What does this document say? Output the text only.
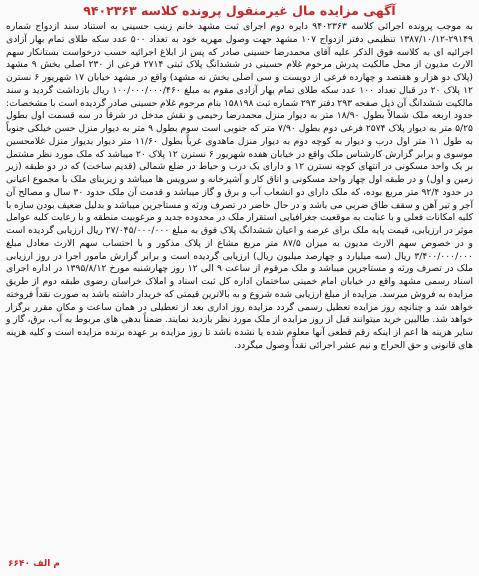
آگهی مزایده مال غیرمنقول پرونده کلاسه ۹۴۰۲۳۶۳

به موجب پرونده اجرائی کلاسه ۹۴۰۲۳۶۳ دایره دوم اجرای ثبت مشهد خانم زینب حسینی به استناد سند ازدواج شماره ۲۹۱۴۹-۱۳۸۷/۱۰/۱۲ تنظیمی دفتر ازدواج ۱۰۷ مشهد جهت وصول مهریه خود به تعداد ۵۰۰ عدد سکه طلای تمام بهار آزادی اجرائیه ای به کلاسه فوق الذکر علیه آقای محمدرضا حسینی صادر که پس از ابلاغ اجرائیه حسب درخواست بستانکار سهم الارث مدیون از محل مالکیت پدرش مرحوم غلام حسینی در ششدانگ پلاک ثبتی ۲۷۱۴ فرعی از ۲۳۰ اصلی بخش ۹ مشهد (پلاک دو هزار و هفتصد و چهارده فرعی از دویست و سی اصلی بخش نه مشهد) واقع در مشهد خیابان ۱۷ شهریور ۶ نسترن ۱۲ پلاک ۲۰ در قبال تعداد ۱۰۰ عدد سکه طلای تمام بهار آزادی مقوم به مبلغ ۱۰۰/۰۰۰/۰۰۰/۴۶۰ ریال بازداشت گردید و سند مالکیت ششدانگ آن ذیل صفحه ۲۹۳ دفتر ۲۹۳ شماره ثبت ۱۵۸۱۹۸ بنام مرحوم غلام حسینی صادر گردیده است با مشخصات: حدود اربعه ملک شمالاً بطول ۱۸/۹۰ متر به دیوار منزل محمدرضا رحیمی و نقش مدخل در شرقاً در سه قسمت اول بطول ۵/۲۵ متر به دیوار پلاک ۲۵۷۴ فرعی دوم بطول ۷/۹۰ متر که جنوبی است سوم بطول ۹ متر به دیوار منزل حسن خیلکی جنوباً به طول ۱۱ متر اول درب و دیوار به کوچه دوم به دیوار منزل ماهدوی غرباً بطول ۱۱/۶۰ متر دیوار بدیوار منزل غلامحسین موسوی و برابر گزارش کارشناس ملک واقع در خیابان هفده شهریور ۶ نسترن ۱۲ پلاک ۲۰ میباشد که ملک مورد نظر مشتمل بر یک واحد مسکونی در انتهای کوچه نسترن ۱۲ و دارای یک درب و حیاط در ضلع شمالی (قدیم ساخت) که در دو طبقه (زیر زمین و اول) و در طبقه اول چهار واحد مسکونی و اتاق کار و آشپزخانه و سرویس ها میباشد و زیربنای ملک با مجموع اعیانی در حدود ۹۲/۴ متر مربع بوده، که ملک دارای دو انشعاب آب و برق و گاز میباشد و قدمت آن ملک حدود ۳۰ سال و مصالح آن آجر و تیر آهن و سقف طاق ضربی می باشد و در حال حاضر در تصرف ورثه و مستاجرین میباشد و بدلیل ضعیف بودن سازه با کلیه امکانات فعلی و با عنایت به موقعیت جغرافیایی استقرار ملک در محدوده جدید و مرغوبیت منطقه و با رعایت کلیه عوامل موثر در ارزیابی، قیمت پایه ملک برای عرصه و اعیان ششدانگ پلاک فوق به مبلغ ۲۷/۰۴۵/۰۰۰/۰۰۰ ریال ارزیابی گردیده است و در خصوص سهم الارث مدیون به میزان ۸۷/۵ متر مربع مشاع از پلاک مذکور و با احتساب سهم الارث معادل مبلغ ۳/۴۰۰/۰۰۰/۰۰۰ ریال (سه میلیارد و چهارصد میلیون ریال) ارزیابی گردیده است و برابر گزارش مامور اجرا در روز ارزیابی ملک در تصرف ورثه و مستاجرین میباشد و ملک مرقوم از ساعت ۹ الی ۱۲ روز چهارشنبه مورخ ۱۳۹۵/۸/۱۲ در اداره اجرای اسناد رسمی مشهد واقع در خیابان امام خمینی ساختمان اداره کل ثبت اسناد و املاک خراسان رضوی طبقه دوم از طریق مزایده به فروش میرسد. مزایده از مبلغ ارزیابی شده شروع و به بالاترین قیمتی که خریدار داشته باشد به صورت نقداً فروخته خواهد شد و چنانچه روز مزایده تعطیل رسمی گردد مزایده روز اداری بعد از تعطیلی در همان ساعت و مکان مقرر برگزار خواهد شد. طالبین خرید میتوانند قبل از روز مزایده از ملک مورد نظر بازدید نمایند. ضمناً بدهی های مربوط به آب، برق، گاز و سایر هزینه ها اعم از اینکه رقم قطعی آنها معلوم شده یا نشده باشد تا روز مزایده بر عهده برنده مزایده است و کلیه هزینه های قانونی و حق الحراج و نیم عشر اجرائی نقداً وصول میگردد.

م الف ۶۶۴۰
